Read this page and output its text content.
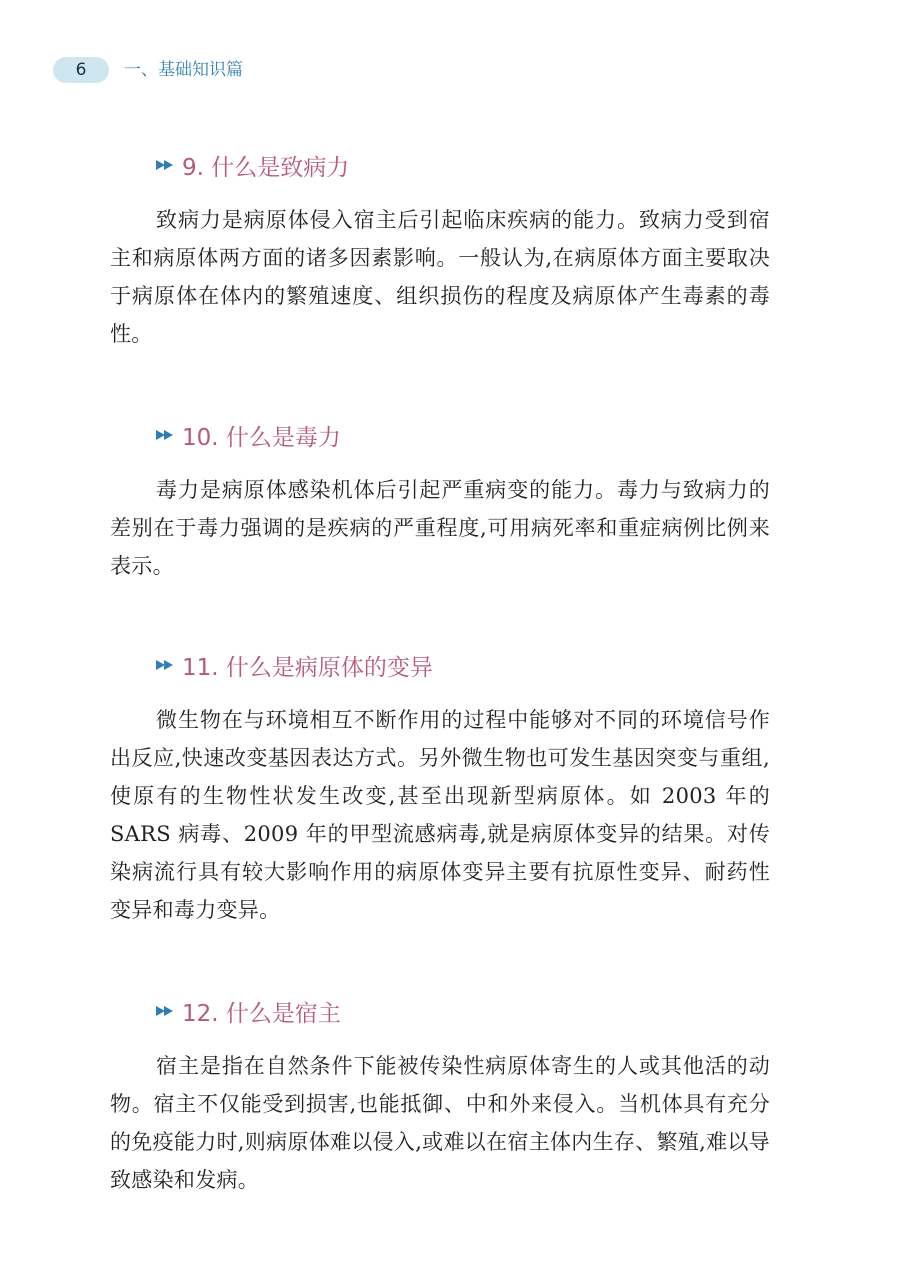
6	一、基础知识篇
9. 什么是致病力

致病力是病原体侵入宿主后引起临床疾病的能力。致病力受到宿主和病原体两方面的诸多因素影响。一般认为,在病原体方面主要取决于病原体在体内的繁殖速度、组织损伤的程度及病原体产生毒素的毒性。

10. 什么是毒力

毒力是病原体感染机体后引起严重病变的能力。毒力与致病力的差别在于毒力强调的是疾病的严重程度,可用病死率和重症病例比例来表示。

11. 什么是病原体的变异

微生物在与环境相互不断作用的过程中能够对不同的环境信号作出反应,快速改变基因表达方式。另外微生物也可发生基因突变与重组,使原有的生物性状发生改变,甚至出现新型病原体。如 2003 年的 SARS 病毒、2009 年的甲型流感病毒,就是病原体变异的结果。对传染病流行具有较大影响作用的病原体变异主要有抗原性变异、耐药性变异和毒力变异。

12. 什么是宿主

宿主是指在自然条件下能被传染性病原体寄生的人或其他活的动物。宿主不仅能受到损害,也能抵御、中和外来侵入。当机体具有充分的免疫能力时,则病原体难以侵入,或难以在宿主体内生存、繁殖,难以导致感染和发病。
